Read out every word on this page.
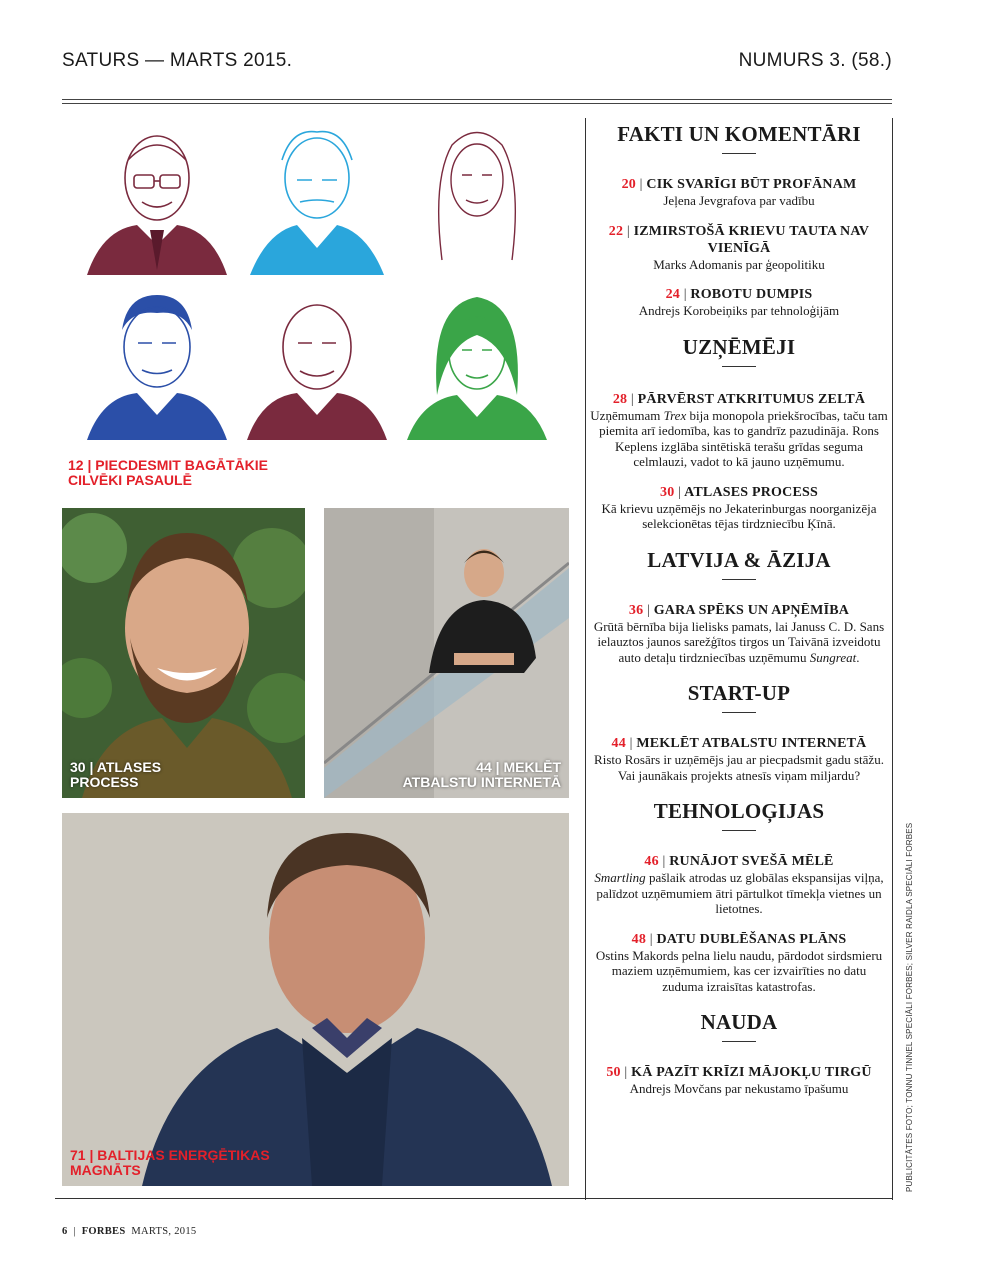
SATURS — MARTS 2015.	NUMURS 3. (58.)
12 | PIECDESMIT BAGĀTĀKIE CILVĒKI PASAULĒ
30 | ATLASES PROCESS
44 | MEKLĒT ATBALSTU INTERNETĀ
71 | BALTIJAS ENERĢĒTIKAS MAGNĀTS
FAKTI UN KOMENTĀRI
20 | CIK SVARĪGI BŪT PROFĀNAM
Jeļena Jevgrafova par vadību
22 | IZMIRSTOŠĀ KRIEVU TAUTA NAV VIENĪGĀ
Marks Adomanis par ģeopolitiku
24 | ROBOTU DUMPIS
Andrejs Korobeiņiks par tehnoloģijām
UZŅĒMĒJI
28 | PĀRVĒRST ATKRITUMUS ZELTĀ
Uzņēmumam Trex bija monopola priekšrocības, taču tam piemita arī iedomība, kas to gandrīz pazudināja. Rons Keplens izglāba sintētiskā terašu grīdas seguma celmlauzi, vadot to kā jauno uzņēmumu.
30 | ATLASES PROCESS
Kā krievu uzņēmējs no Jekaterinburgas noorganizēja selekcionētas tējas tirdzniecību Ķīnā.
LATVIJA & ĀZIJA
36 | GARA SPĒKS UN APŅĒMĪBA
Grūtā bērnība bija lielisks pamats, lai Januss C. D. Sans ielauztos jaunos sarežģītos tirgos un Taivānā izveidotu auto detaļu tirdzniecības uzņēmumu Sungreat.
START-UP
44 | MEKLĒT ATBALSTU INTERNETĀ
Risto Rosārs ir uzņēmējs jau ar piecpadsmit gadu stāžu. Vai jaunākais projekts atnesīs viņam miljardu?
TEHNOLOĢIJAS
46 | RUNĀJOT SVEŠĀ MĒLĒ
Smartling pašlaik atrodas uz globālas ekspansijas viļņa, palīdzot uzņēmumiem ātri pārtulkot tīmekļa vietnes un lietotnes.
48 | DATU DUBLĒŠANAS PLĀNS
Ostins Makords pelna lielu naudu, pārdodot sirdsmieru maziem uzņēmumiem, kas cer izvairīties no datu zuduma izraisītas katastrofas.
NAUDA
50 | KĀ PAZĪT KRĪZI MĀJOKĻU TIRGŪ
Andrejs Movčans par nekustamo īpašumu	PUBLICITĀTES FOTO; TONNU TINNEL SPECIĀLI FORBES; SILVER RAIDLA SPECIĀLI FORBES
6 | FORBES MARTS, 2015
